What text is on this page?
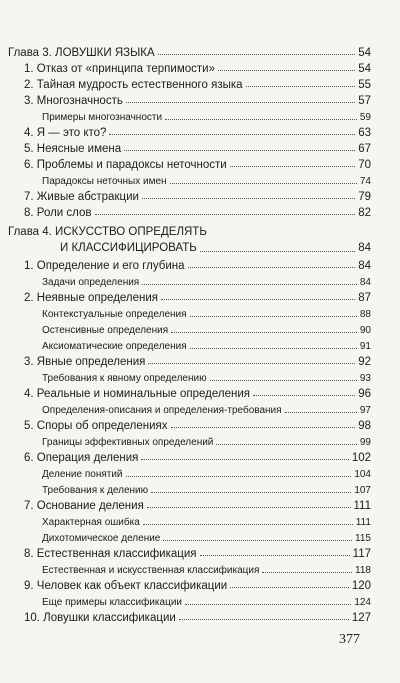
Глава 3. ЛОВУШКИ ЯЗЫКА	54
1. Отказ от «принципа терпимости»	54
2. Тайная мудрость естественного языка	55
3. Многозначность	57
Примеры многозначности	59
4. Я — это кто?	63
5. Неясные имена	67
6. Проблемы и парадоксы неточности	70
Парадоксы неточных имен	74
7. Живые абстракции	79
8. Роли слов	82
Глава 4. ИСКУССТВО ОПРЕДЕЛЯТЬ
И КЛАССИФИЦИРОВАТЬ	84
1. Определение и его глубина	84
Задачи определения	84
2. Неявные определения	87
Контекстуальные определения	88
Остенсивные определения	90
Аксиоматические определения	91
3. Явные определения	92
Требования к явному определению	93
4. Реальные и номинальные определения	96
Определения-описания и определения-требования	97
5. Споры об определениях	98
Границы эффективных определений	99
6. Операция деления	102
Деление понятий	104
Требования к делению	107
7. Основание деления	111
Характерная ошибка	111
Дихотомическое деление	115
8. Естественная классификация	117
Естественная и искусственная классификация	118
9. Человек как объект классификации	120
Еще примеры классификации	124
10. Ловушки классификации	127
377
